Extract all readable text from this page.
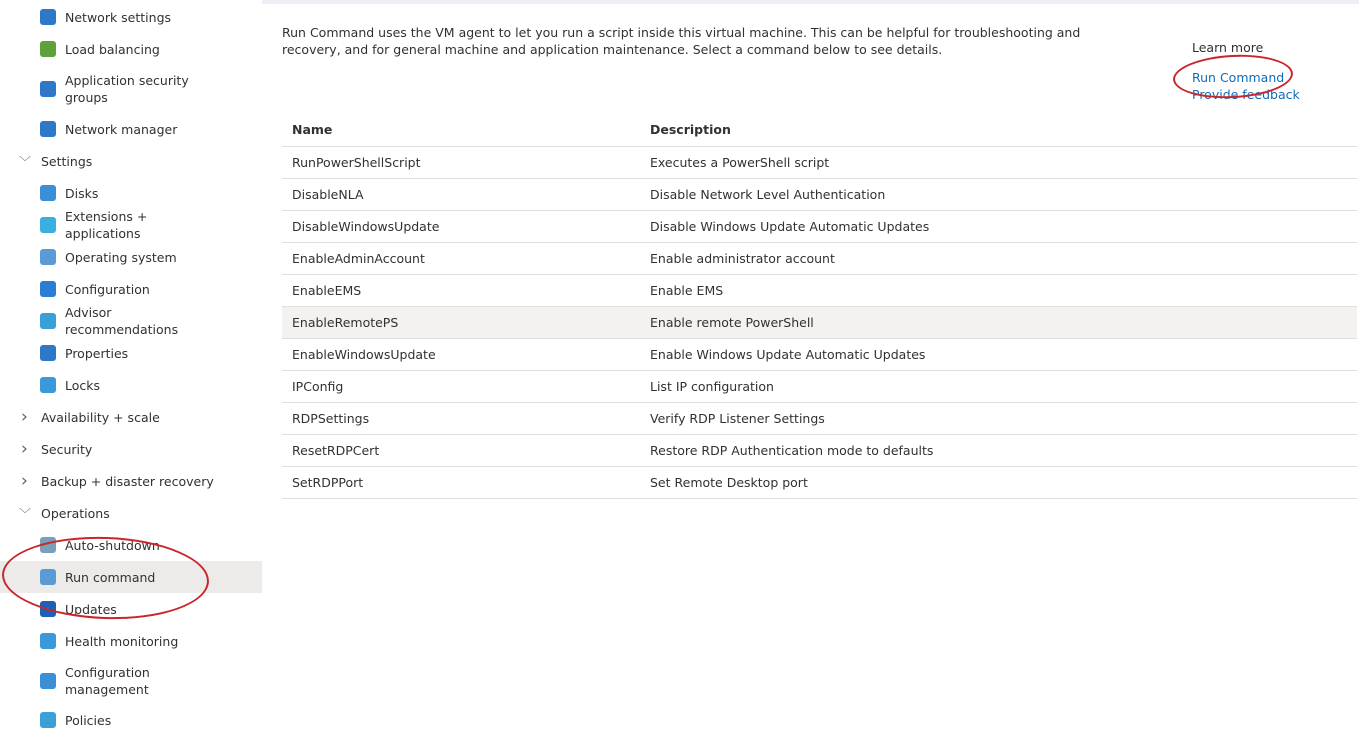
Network settings
Load balancing
Application security groups
Network manager
﹀ Settings
Disks
Extensions + applications
Operating system
Configuration
Advisor recommendations
Properties
Locks
› Availability + scale
› Security
› Backup + disaster recovery
﹀ Operations
Auto-shutdown
Run command
Updates
Health monitoring
Configuration management
Policies

Run Command uses the VM agent to let you run a script inside this virtual machine. This can be helpful for troubleshooting and recovery, and for general machine and application maintenance. Select a command below to see details.	Learn more
Run Command
Provide feedback
Name	Description
RunPowerShellScript	Executes a PowerShell script
DisableNLA	Disable Network Level Authentication
DisableWindowsUpdate	Disable Windows Update Automatic Updates
EnableAdminAccount	Enable administrator account
EnableEMS	Enable EMS
EnableRemotePS	Enable remote PowerShell
EnableWindowsUpdate	Enable Windows Update Automatic Updates
IPConfig	List IP configuration
RDPSettings	Verify RDP Listener Settings
ResetRDPCert	Restore RDP Authentication mode to defaults
SetRDPPort	Set Remote Desktop port
